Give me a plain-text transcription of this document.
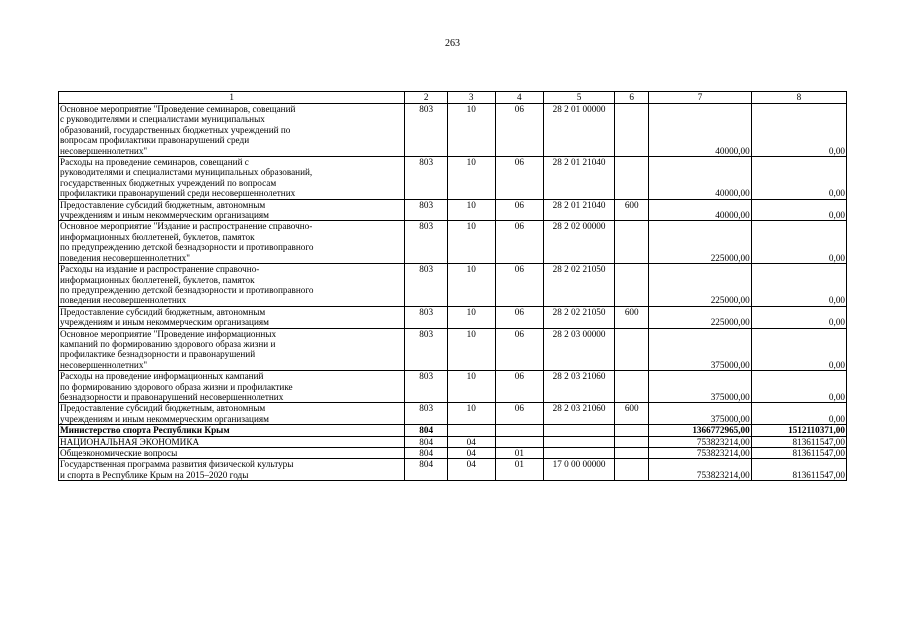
263
1	2	3	4	5	6	7	8
Основное мероприятие "Проведение семинаров, совещаний
с руководителями и специалистами муниципальных
образований, государственных бюджетных учреждений по
вопросам профилактики правонарушений среди
несовершеннолетних"	803	10	06	28 2 01 00000		40000,00	0,00
Расходы на проведение семинаров, совещаний с
руководителями и специалистами муниципальных образований,
государственных бюджетных учреждений по вопросам
профилактики правонарушений среди несовершеннолетних	803	10	06	28 2 01 21040		40000,00	0,00
Предоставление субсидий бюджетным, автономным
учреждениям и иным некоммерческим организациям	803	10	06	28 2 01 21040	600	40000,00	0,00
Основное мероприятие "Издание и распространение справочно-
информационных бюллетеней, буклетов, памяток
по предупреждению детской безнадзорности и противоправного
поведения несовершеннолетних"	803	10	06	28 2 02 00000		225000,00	0,00
Расходы на издание и распространение справочно-
информационных бюллетеней, буклетов, памяток
по предупреждению детской безнадзорности и противоправного
поведения несовершеннолетних	803	10	06	28 2 02 21050		225000,00	0,00
Предоставление субсидий бюджетным, автономным
учреждениям и иным некоммерческим организациям	803	10	06	28 2 02 21050	600	225000,00	0,00
Основное мероприятие "Проведение информационных
кампаний по формированию здорового образа жизни и
профилактике безнадзорности и правонарушений
несовершеннолетних"	803	10	06	28 2 03 00000		375000,00	0,00
Расходы на проведение информационных кампаний
по формированию здорового образа жизни и профилактике
безнадзорности и правонарушений несовершеннолетних	803	10	06	28 2 03 21060		375000,00	0,00
Предоставление субсидий бюджетным, автономным
учреждениям и иным некоммерческим организациям	803	10	06	28 2 03 21060	600	375000,00	0,00
Министерство спорта Республики Крым	804					1366772965,00	1512110371,00
НАЦИОНАЛЬНАЯ ЭКОНОМИКА	804	04				753823214,00	813611547,00
Общеэкономические вопросы	804	04	01			753823214,00	813611547,00
Государственная программа развития физической культуры
и спорта в Республике Крым на 2015–2020 годы	804	04	01	17 0 00 00000		753823214,00	813611547,00
